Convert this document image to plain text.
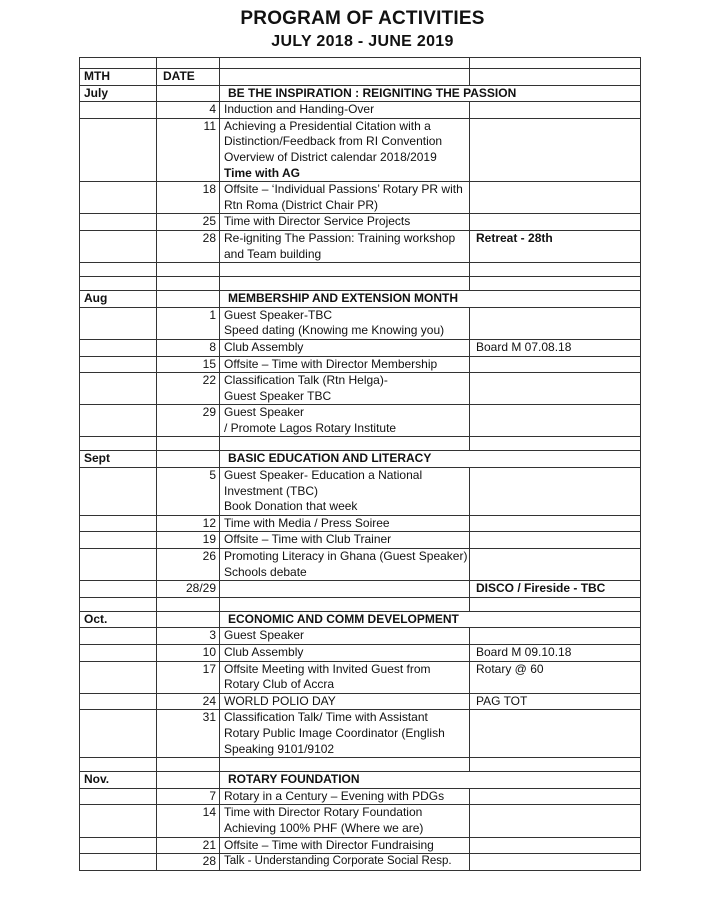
PROGRAM OF ACTIVITIES
JULY 2018 - JUNE 2019

MTH	DATE		
July		BE THE INSPIRATION : REIGNITING THE PASSION	
	4	Induction and Handing-Over	

	11	Achieving a Presidential Citation with a
Distinction/Feedback from RI Convention
Overview of District calendar 2018/2019
Time with AG	

	18	Offsite – ‘Individual Passions’ Rotary PR with
Rtn Roma (District Chair PR)	

	25	Time with Director Service Projects	

	28	Re-igniting The Passion: Training workshop
and Team building	Retreat - 28th

Aug		MEMBERSHIP AND EXTENSION MONTH	
	1	Guest Speaker-TBC
Speed dating (Knowing me Knowing you)	

	8	Club Assembly	Board M 07.08.18
	15	Offsite – Time with Director Membership	

	22	Classification Talk (Rtn Helga)-
Guest Speaker TBC	

	29	Guest Speaker
/ Promote Lagos Rotary Institute	

Sept		BASIC EDUCATION AND LITERACY	
	5	Guest Speaker- Education a National
Investment (TBC)
Book Donation that week	

	12	Time with Media / Press Soiree	

	19	Offsite – Time with Club Trainer	

	26	Promoting Literacy in Ghana (Guest Speaker)
Schools debate	

	28/29		DISCO / Fireside - TBC

Oct.		ECONOMIC AND COMM DEVELOPMENT	
	3	Guest Speaker	

	10	Club Assembly	Board M 09.10.18
	17	Offsite Meeting with Invited Guest from
Rotary Club of Accra	Rotary @ 60
	24	WORLD POLIO DAY	PAG TOT
	31	Classification Talk/ Time with Assistant
Rotary Public Image Coordinator (English
Speaking 9101/9102	

Nov.		ROTARY FOUNDATION	
	7	Rotary in a Century – Evening with PDGs	

	14	Time with Director Rotary Foundation
Achieving 100% PHF (Where we are)	

	21	Offsite – Time with Director Fundraising	

	28	Talk - Understanding Corporate Social Resp.	
